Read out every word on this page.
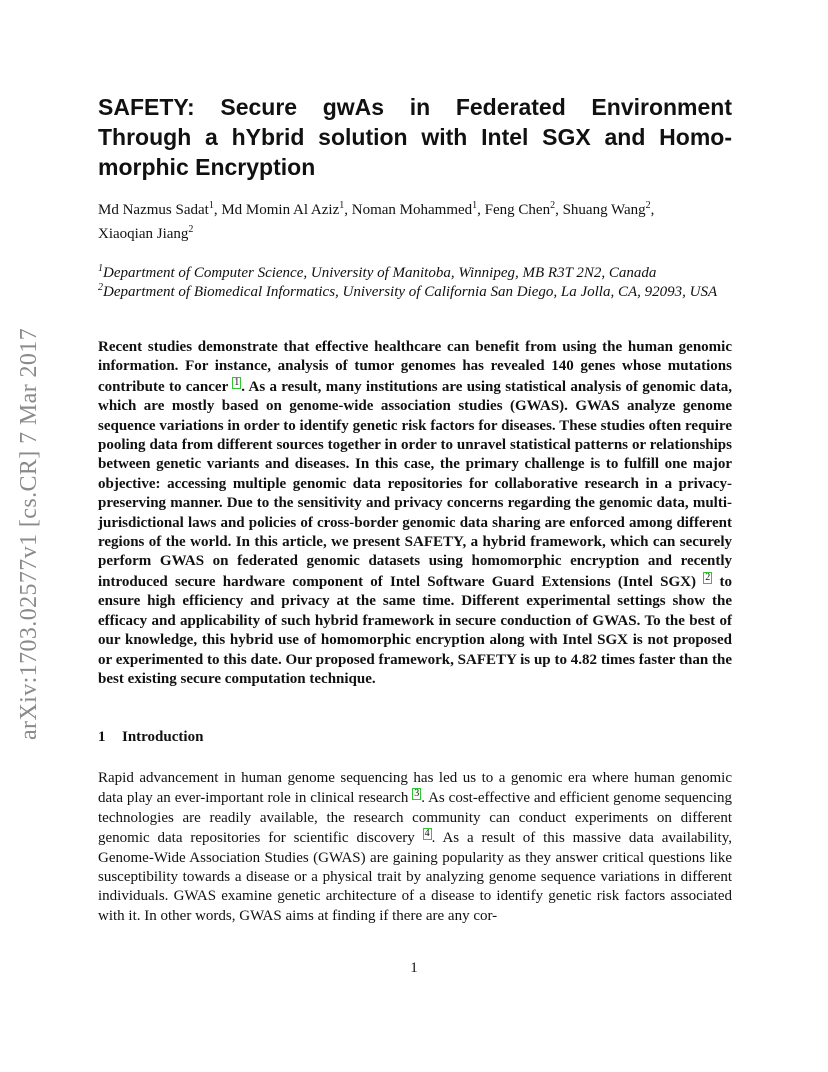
arXiv:1703.02577v1 [cs.CR] 7 Mar 2017
SAFETY: Secure gwAs in Federated Environment Through a hYbrid solution with Intel SGX and Homo-morphic Encryption
Md Nazmus Sadat$^1$, Md Momin Al Aziz$^1$, Noman Mohammed$^1$, Feng Chen$^2$, Shuang Wang$^2$,
Xiaoqian Jiang$^2$
$^1$Department of Computer Science, University of Manitoba, Winnipeg, MB R3T 2N2, Canada
$^2$Department of Biomedical Informatics, University of California San Diego, La Jolla, CA, 92093, USA
Recent studies demonstrate that effective healthcare can benefit from using the human genomic information. For instance, analysis of tumor genomes has revealed 140 genes whose mutations contribute to cancer 1 . As a result, many institutions are using statistical analysis of genomic data, which are mostly based on genome-wide association studies (GWAS). GWAS analyze genome sequence variations in order to identify genetic risk factors for diseases. These studies often require pooling data from different sources together in order to unravel statistical patterns or relationships between genetic variants and diseases. In this case, the primary challenge is to fulfill one major objective: accessing multiple genomic data repositories for collaborative research in a privacy-preserving manner. Due to the sensitivity and privacy concerns regarding the genomic data, multi-jurisdictional laws and policies of cross-border genomic data sharing are enforced among different regions of the world. In this article, we present SAFETY, a hybrid framework, which can securely perform GWAS on federated genomic datasets using homomorphic encryption and recently introduced secure hardware component of Intel Software Guard Extensions (Intel SGX) 2 to ensure high efficiency and privacy at the same time. Different experimental settings show the efficacy and applicability of such hybrid framework in secure conduction of GWAS. To the best of our knowledge, this hybrid use of homomorphic encryption along with Intel SGX is not proposed or experimented to this date. Our proposed framework, SAFETY is up to 4.82 times faster than the best existing secure computation technique.
1 Introduction
Rapid advancement in human genome sequencing has led us to a genomic era where human genomic data play an ever-important role in clinical research 3 . As cost-effective and efficient genome sequencing technologies are readily available, the research community can conduct experiments on different genomic data repositories for scientific discovery 4 . As a result of this massive data availability, Genome-Wide Association Studies (GWAS) are gaining popularity as they answer critical questions like susceptibility towards a disease or a physical trait by analyzing genome sequence variations in different individuals. GWAS examine genetic architecture of a disease to identify genetic risk factors associated with it. In other words, GWAS aims at finding if there are any cor-
1
